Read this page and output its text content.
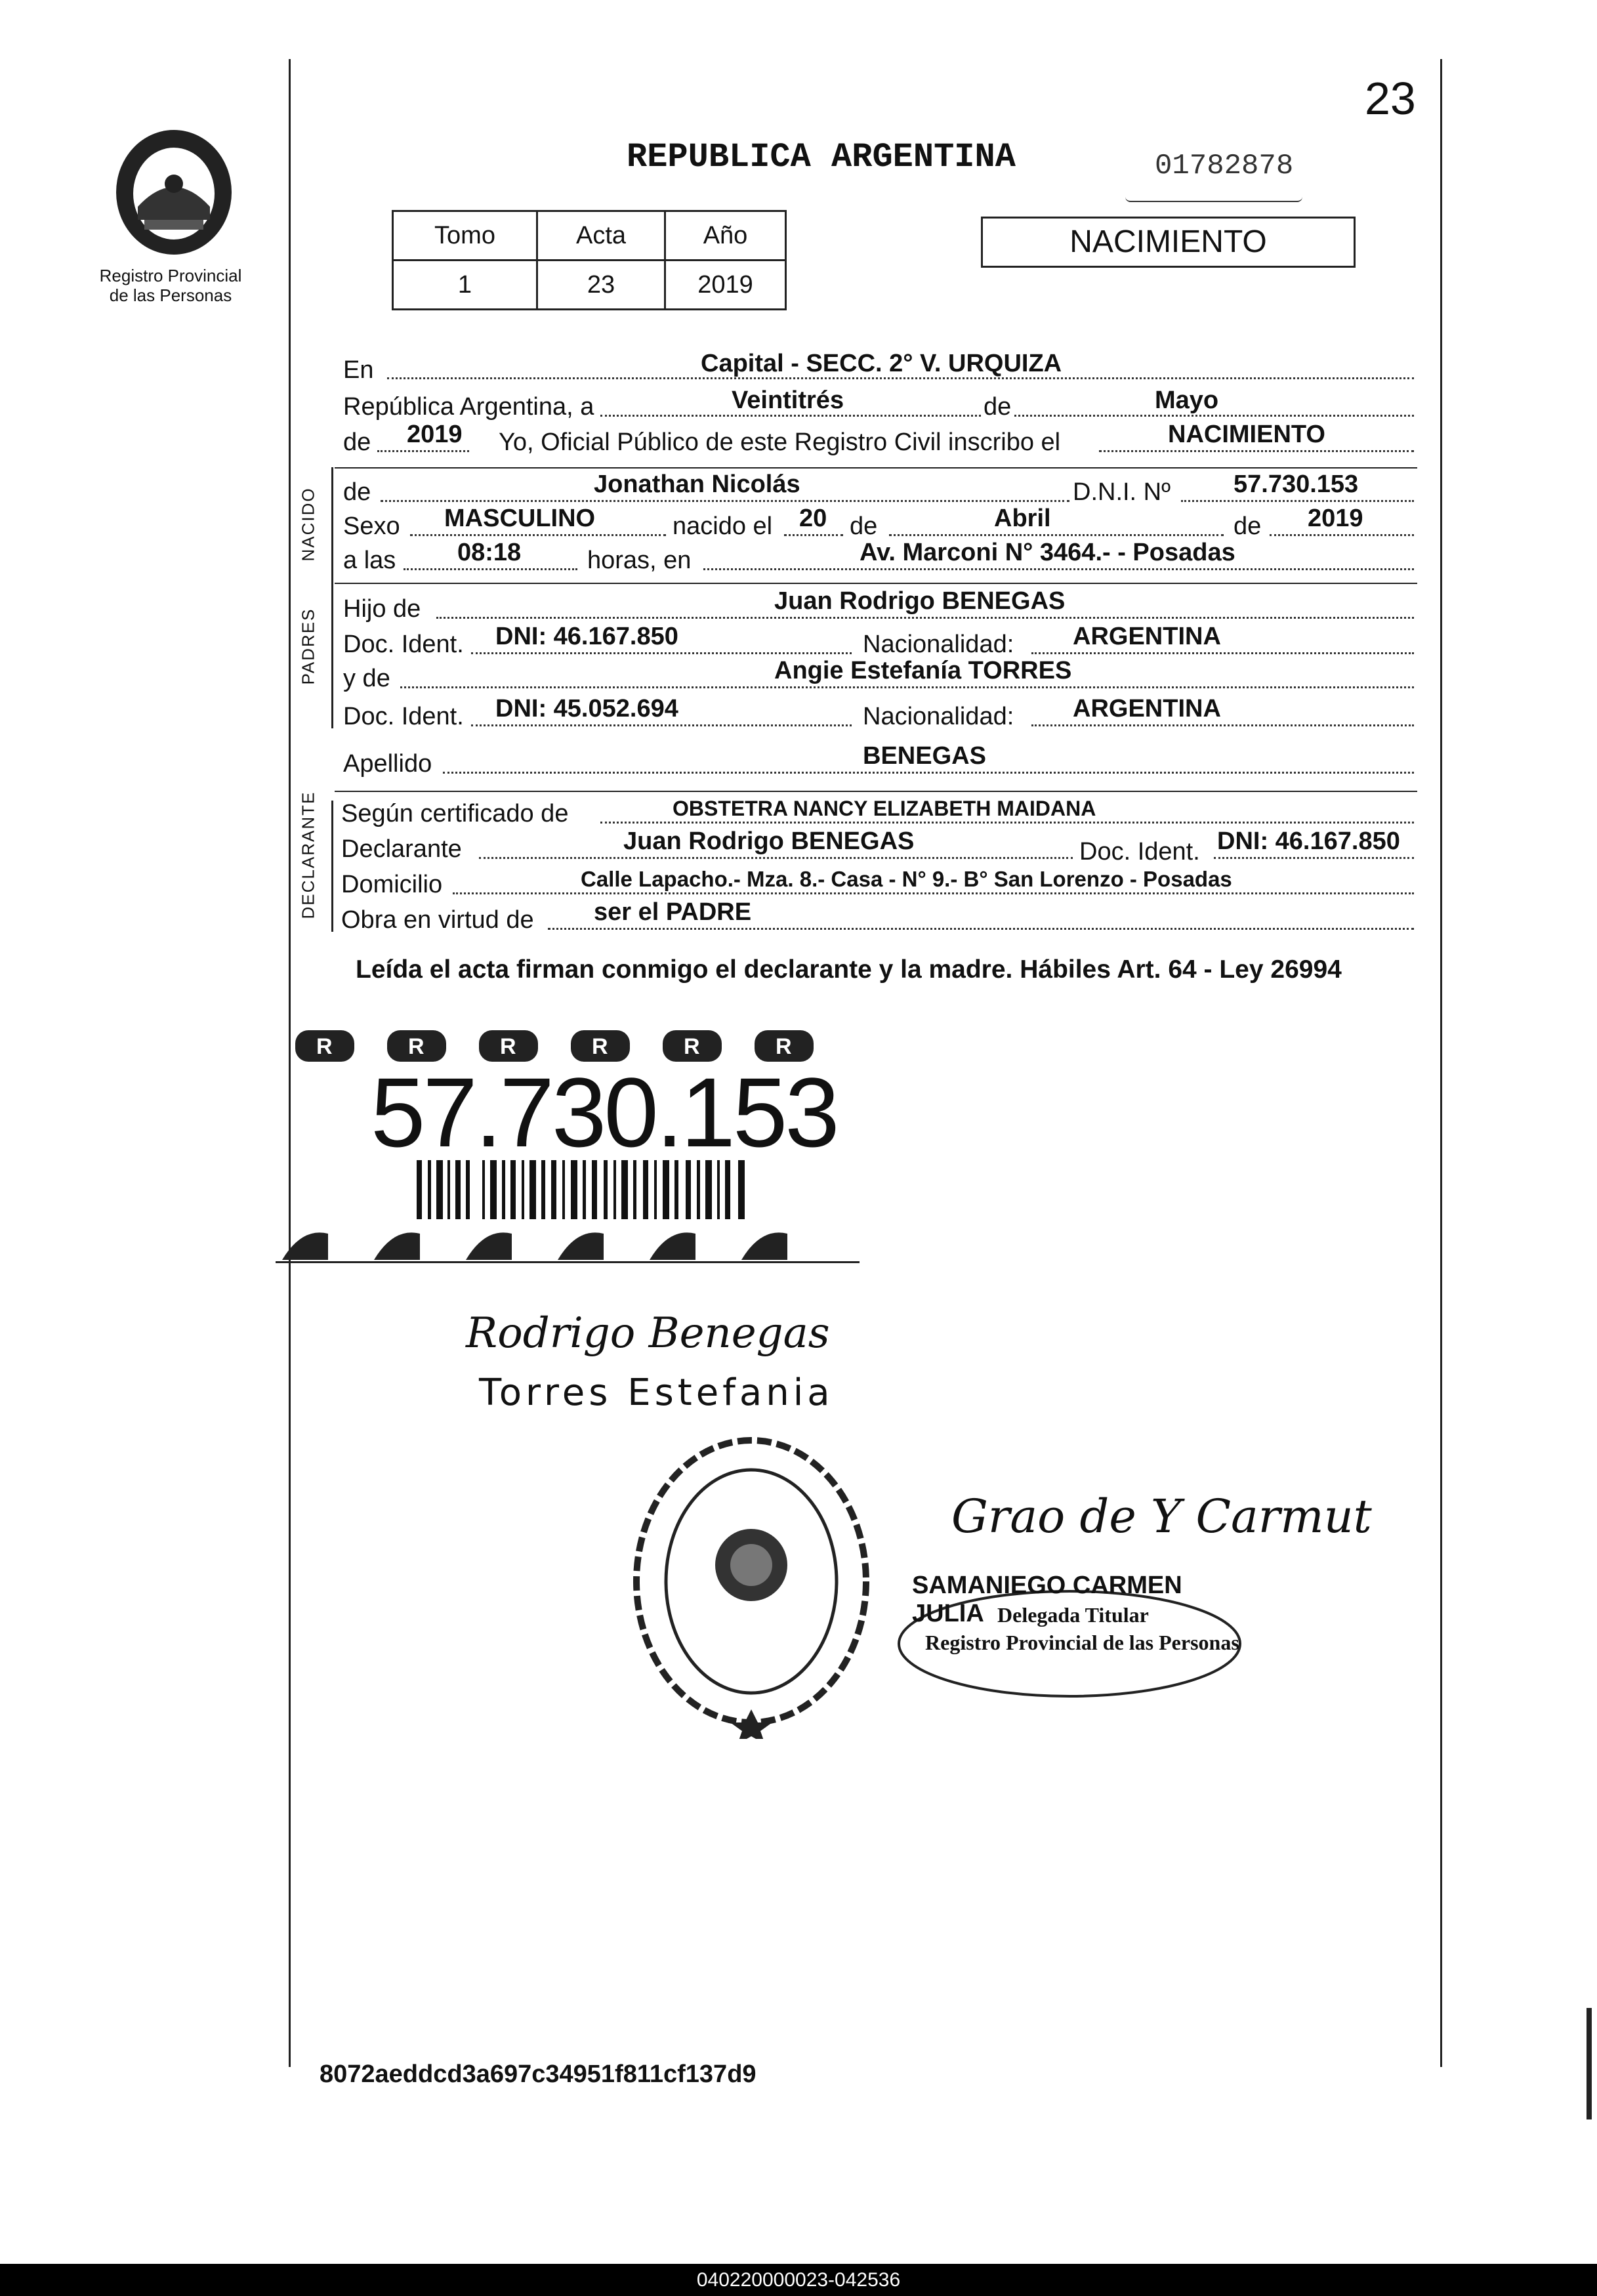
23
Registro Provincial
de las Personas
REPUBLICA ARGENTINA	01782878
NACIMIENTO
Tomo	Acta	Año
1	23	2019
En	Capital - SECC. 2° V. URQUIZA
República Argentina, a	Veintitrés	de	Mayo
de 2019 Yo, Oficial Público de este Registro Civil inscribo el	NACIMIENTO
NACIDO de	Jonathan Nicolás	D.N.I. Nº	57.730.153
Sexo MASCULINO	nacido el 20 de	Abril	de 2019
a las 08:18	horas, en	Av. Marconi N° 3464.- - Posadas
PADRES Hijo de	Juan Rodrigo BENEGAS
Doc. Ident. DNI: 46.167.850	Nacionalidad: ARGENTINA
y de	Angie Estefanía TORRES
Doc. Ident. DNI: 45.052.694	Nacionalidad: ARGENTINA
Apellido	BENEGAS
DECLARANTE Según certificado de	OBSTETRA NANCY ELIZABETH MAIDANA
Declarante	Juan Rodrigo BENEGAS	Doc. Ident. DNI: 46.167.850
Domicilio	Calle Lapacho.- Mza. 8.- Casa - N° 9.- B° San Lorenzo - Posadas
Obra en virtud de ser el PADRE
Leída el acta firman conmigo el declarante y la madre. Hábiles Art. 64 - Ley 26994
R	R	R	R	R	R
57.730.153
Rodrigo Benegas
Torres Estefania
Grao de Y Carmut
SAMANIEGO CARMEN JULIA Delegada Titular
Registro Provincial de las Personas
8072aeddcd3a697c34951f811cf137d9
040220000023-042536
